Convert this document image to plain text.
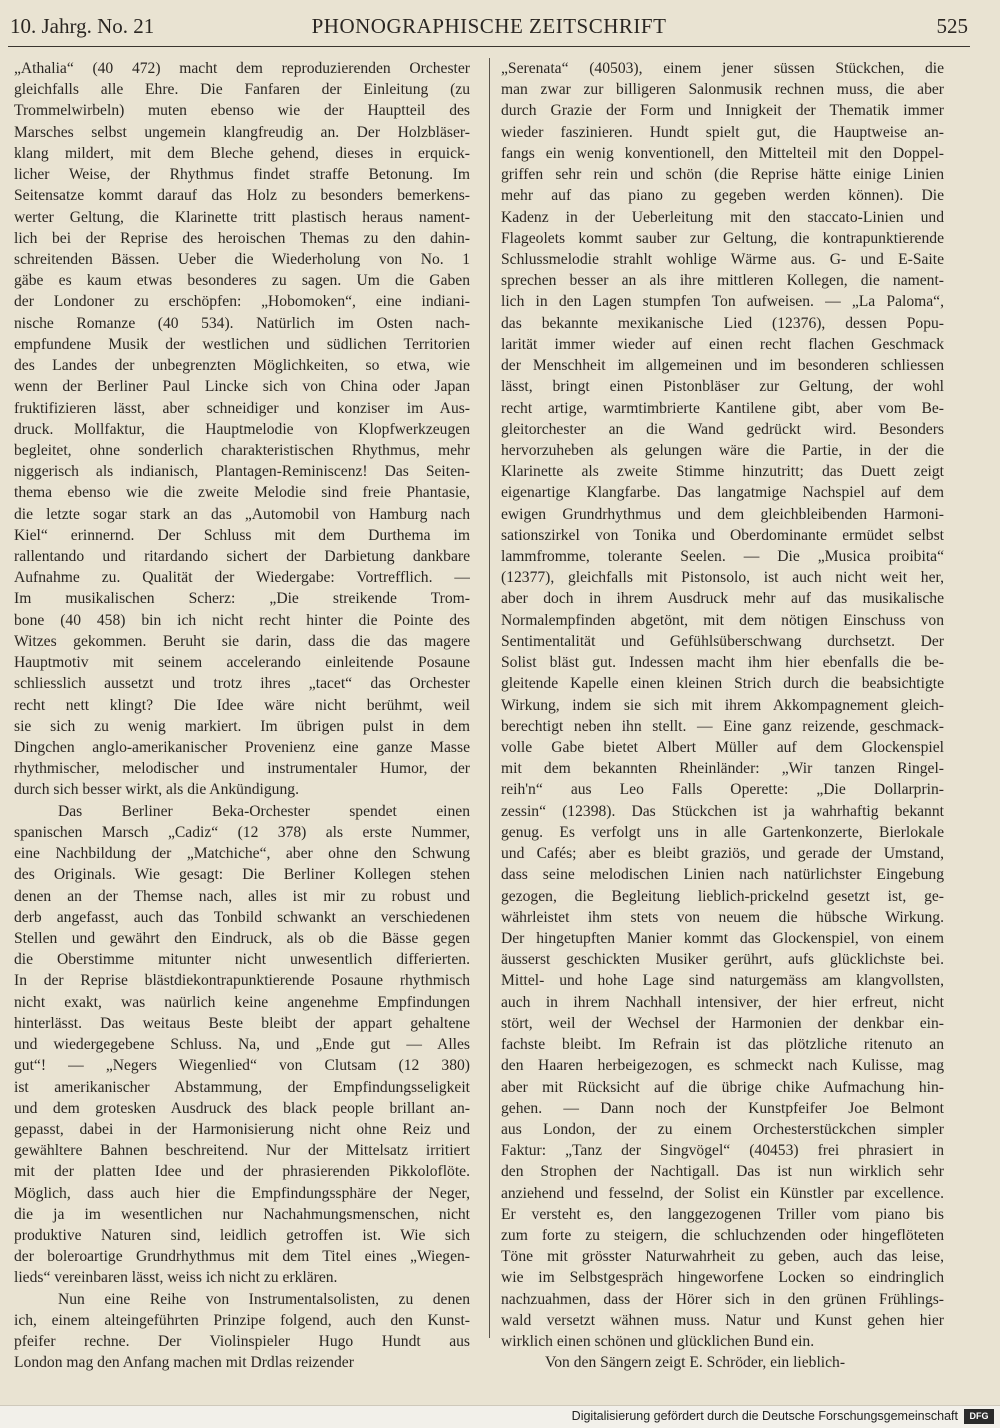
10. Jahrg. No. 21	PHONOGRAPHISCHE ZEITSCHRIFT	525

„Athalia“ (40 472) macht dem reproduzierenden Orchester
gleichfalls alle Ehre. Die Fanfaren der Einleitung (zu
Trommelwirbeln) muten ebenso wie der Hauptteil des
Marsches selbst ungemein klangfreudig an. Der Holzbläser-
klang mildert, mit dem Bleche gehend, dieses in erquick-
licher Weise, der Rhythmus findet straffe Betonung. Im
Seitensatze kommt darauf das Holz zu besonders bemerkens-
werter Geltung, die Klarinette tritt plastisch heraus nament-
lich bei der Reprise des heroischen Themas zu den dahin-
schreitenden Bässen. Ueber die Wiederholung von No. 1
gäbe es kaum etwas besonderes zu sagen. Um die Gaben
der Londoner zu erschöpfen: „Hobomoken“, eine indiani-
nische Romanze (40 534). Natürlich im Osten nach-
empfundene Musik der westlichen und südlichen Territorien
des Landes der unbegrenzten Möglichkeiten, so etwa, wie
wenn der Berliner Paul Lincke sich von China oder Japan
fruktifizieren lässt, aber schneidiger und konziser im Aus-
druck. Mollfaktur, die Hauptmelodie von Klopfwerkzeugen
begleitet, ohne sonderlich charakteristischen Rhythmus, mehr
niggerisch als indianisch, Plantagen-Reminiscenz! Das Seiten-
thema ebenso wie die zweite Melodie sind freie Phantasie,
die letzte sogar stark an das „Automobil von Hamburg nach
Kiel“ erinnernd. Der Schluss mit dem Durthema im
rallentando und ritardando sichert der Darbietung dankbare
Aufnahme zu. Qualität der Wiedergabe: Vortrefflich. —
Im musikalischen Scherz: „Die streikende Trom-
bone (40 458) bin ich nicht recht hinter die Pointe des
Witzes gekommen. Beruht sie darin, dass die das magere
Hauptmotiv mit seinem accelerando einleitende Posaune
schliesslich aussetzt und trotz ihres „tacet“ das Orchester
recht nett klingt? Die Idee wäre nicht berühmt, weil
sie sich zu wenig markiert. Im übrigen pulst in dem
Dingchen anglo-amerikanischer Provenienz eine ganze Masse
rhythmischer, melodischer und instrumentaler Humor, der
durch sich besser wirkt, als die Ankündigung.

Das Berliner Beka-Orchester spendet einen
spanischen Marsch „Cadiz“ (12 378) als erste Nummer,
eine Nachbildung der „Matchiche“, aber ohne den Schwung
des Originals. Wie gesagt: Die Berliner Kollegen stehen
denen an der Themse nach, alles ist mir zu robust und
derb angefasst, auch das Tonbild schwankt an verschiedenen
Stellen und gewährt den Eindruck, als ob die Bässe gegen
die Oberstimme mitunter nicht unwesentlich differierten.
In der Reprise blästdiekontrapunktierende Posaune rhythmisch
nicht exakt, was naürlich keine angenehme Empfindungen
hinterlässt. Das weitaus Beste bleibt der appart gehaltene
und wiedergegebene Schluss. Na, und „Ende gut — Alles
gut“! — „Negers Wiegenlied“ von Clutsam (12 380)
ist amerikanischer Abstammung, der Empfindungsseligkeit
und dem grotesken Ausdruck des black people brillant an-
gepasst, dabei in der Harmonisierung nicht ohne Reiz und
gewähltere Bahnen beschreitend. Nur der Mittelsatz irritiert
mit der platten Idee und der phrasierenden Pikkoloflöte.
Möglich, dass auch hier die Empfindungssphäre der Neger,
die ja im wesentlichen nur Nachahmungsmenschen, nicht
produktive Naturen sind, leidlich getroffen ist. Wie sich
der boleroartige Grundrhythmus mit dem Titel eines „Wiegen-
lieds“ vereinbaren lässt, weiss ich nicht zu erklären.

Nun eine Reihe von Instrumentalsolisten, zu denen
ich, einem alteingeführten Prinzipe folgend, auch den Kunst-
pfeifer rechne. Der Violinspieler Hugo Hundt aus
London mag den Anfang machen mit Drdlas reizender

„Serenata“ (40503), einem jener süssen Stückchen, die
man zwar zur billigeren Salonmusik rechnen muss, die aber
durch Grazie der Form und Innigkeit der Thematik immer
wieder faszinieren. Hundt spielt gut, die Hauptweise an-
fangs ein wenig konventionell, den Mittelteil mit den Doppel-
griffen sehr rein und schön (die Reprise hätte einige Linien
mehr auf das piano zu gegeben werden können). Die
Kadenz in der Ueberleitung mit den staccato-Linien und
Flageolets kommt sauber zur Geltung, die kontrapunktierende
Schlussmelodie strahlt wohlige Wärme aus. G- und E-Saite
sprechen besser an als ihre mittleren Kollegen, die nament-
lich in den Lagen stumpfen Ton aufweisen. — „La Paloma“,
das bekannte mexikanische Lied (12376), dessen Popu-
larität immer wieder auf einen recht flachen Geschmack
der Menschheit im allgemeinen und im besonderen schliessen
lässt, bringt einen Pistonbläser zur Geltung, der wohl
recht artige, warmtimbrierte Kantilene gibt, aber vom Be-
gleitorchester an die Wand gedrückt wird. Besonders
hervorzuheben als gelungen wäre die Partie, in der die
Klarinette als zweite Stimme hinzutritt; das Duett zeigt
eigenartige Klangfarbe. Das langatmige Nachspiel auf dem
ewigen Grundrhythmus und dem gleichbleibenden Harmoni-
sationszirkel von Tonika und Oberdominante ermüdet selbst
lammfromme, tolerante Seelen. — Die „Musica proibita“
(12377), gleichfalls mit Pistonsolo, ist auch nicht weit her,
aber doch in ihrem Ausdruck mehr auf das musikalische
Normalempfinden abgetönt, mit dem nötigen Einschuss von
Sentimentalität und Gefühlsüberschwang durchsetzt. Der
Solist bläst gut. Indessen macht ihm hier ebenfalls die be-
gleitende Kapelle einen kleinen Strich durch die beabsichtigte
Wirkung, indem sie sich mit ihrem Akkompagnement gleich-
berechtigt neben ihn stellt. — Eine ganz reizende, geschmack-
volle Gabe bietet Albert Müller auf dem Glockenspiel
mit dem bekannten Rheinländer: „Wir tanzen Ringel-
reih'n“ aus Leo Falls Operette: „Die Dollarprin-
zessin“ (12398). Das Stückchen ist ja wahrhaftig bekannt
genug. Es verfolgt uns in alle Gartenkonzerte, Bierlokale
und Cafés; aber es bleibt graziös, und gerade der Umstand,
dass seine melodischen Linien nach natürlichster Eingebung
gezogen, die Begleitung lieblich-prickelnd gesetzt ist, ge-
währleistet ihm stets von neuem die hübsche Wirkung.
Der hingetupften Manier kommt das Glockenspiel, von einem
äusserst geschickten Musiker gerührt, aufs glücklichste bei.
Mittel- und hohe Lage sind naturgemäss am klangvollsten,
auch in ihrem Nachhall intensiver, der hier erfreut, nicht
stört, weil der Wechsel der Harmonien der denkbar ein-
fachste bleibt. Im Refrain ist das plötzliche ritenuto an
den Haaren herbeigezogen, es schmeckt nach Kulisse, mag
aber mit Rücksicht auf die übrige chike Aufmachung hin-
gehen. — Dann noch der Kunstpfeifer Joe Belmont
aus London, der zu einem Orchesterstückchen simpler
Faktur: „Tanz der Singvögel“ (40453) frei phrasiert in
den Strophen der Nachtigall. Das ist nun wirklich sehr
anziehend und fesselnd, der Solist ein Künstler par excellence.
Er versteht es, den langgezogenen Triller vom piano bis
zum forte zu steigern, die schluchzenden oder hingeflöteten
Töne mit grösster Naturwahrheit zu geben, auch das leise,
wie im Selbstgespräch hingeworfene Locken so eindringlich
nachzuahmen, dass der Hörer sich in den grünen Frühlings-
wald versetzt wähnen muss. Natur und Kunst gehen hier
wirklich einen schönen und glücklichen Bund ein.

Von den Sängern zeigt E. Schröder, ein lieblich-

Digitalisierung gefördert durch die Deutsche Forschungsgemeinschaft	DFG
